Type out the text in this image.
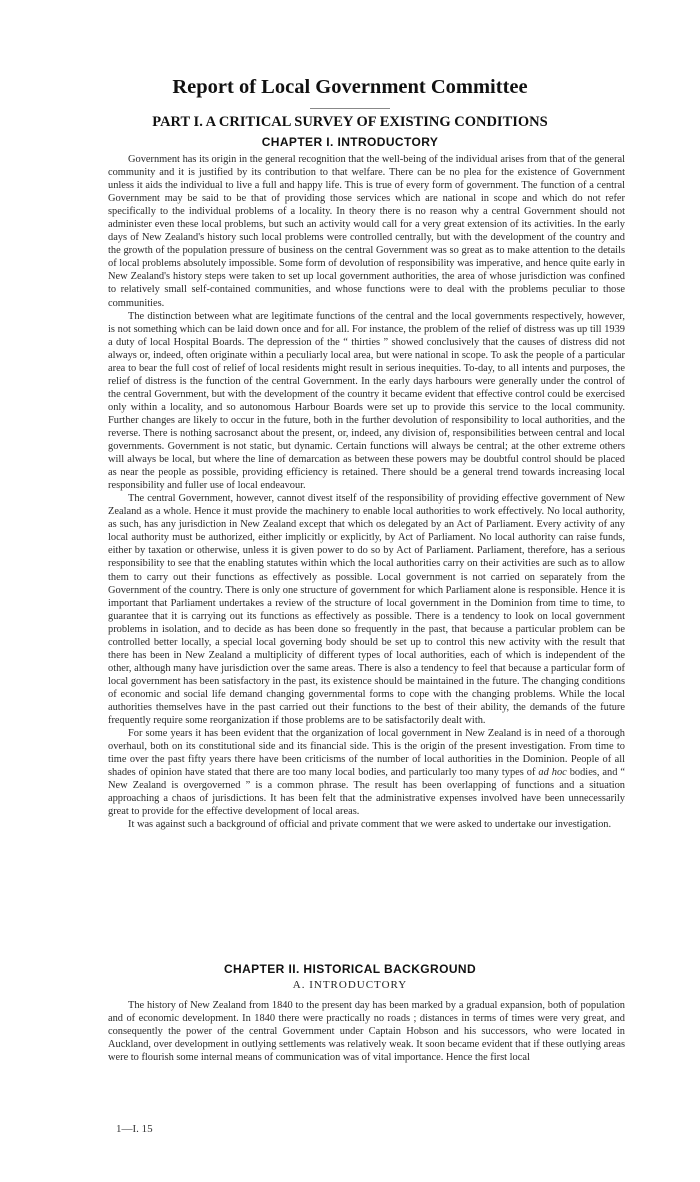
Report of Local Government Committee
PART I. A CRITICAL SURVEY OF EXISTING CONDITIONS
CHAPTER I. INTRODUCTORY

Government has its origin in the general recognition that the well-being of the individual arises from that of the general community and it is justified by its contribution to that welfare. There can be no plea for the existence of Government unless it aids the individual to live a full and happy life. This is true of every form of government. The function of a central Government may be said to be that of providing those services which are national in scope and which do not refer specifically to the individual problems of a locality. In theory there is no reason why a central Government should not administer even these local problems, but such an activity would call for a very great extension of its activities. In the early days of New Zealand's history such local problems were controlled centrally, but with the development of the country and the growth of the population pressure of business on the central Government was so great as to make attention to the details of local problems absolutely impossible. Some form of devolution of responsibility was imperative, and hence quite early in New Zealand's history steps were taken to set up local government authorities, the area of whose jurisdiction was confined to relatively small self-contained communities, and whose functions were to deal with the problems peculiar to those communities.

The distinction between what are legitimate functions of the central and the local governments respectively, however, is not something which can be laid down once and for all. For instance, the problem of the relief of distress was up till 1939 a duty of local Hospital Boards. The depression of the “ thirties ” showed conclusively that the causes of distress did not always or, indeed, often originate within a peculiarly local area, but were national in scope. To ask the people of a particular area to bear the full cost of relief of local residents might result in serious inequities. To-day, to all intents and purposes, the relief of distress is the function of the central Government. In the early days harbours were generally under the control of the central Government, but with the development of the country it became evident that effective control could be exercised only within a locality, and so autonomous Harbour Boards were set up to provide this service to the local community. Further changes are likely to occur in the future, both in the further devolution of responsibility to local authorities, and the reverse. There is nothing sacrosanct about the present, or, indeed, any division of, responsibilities between central and local governments. Government is not static, but dynamic. Certain functions will always be central; at the other extreme others will always be local, but where the line of demarcation as between these powers may be doubtful control should be placed as near the people as possible, providing efficiency is retained. There should be a general trend towards increasing local responsibility and fuller use of local endeavour.

The central Government, however, cannot divest itself of the responsibility of providing effective government of New Zealand as a whole. Hence it must provide the machinery to enable local authorities to work effectively. No local authority, as such, has any jurisdiction in New Zealand except that which os delegated by an Act of Parliament. Every activity of any local authority must be authorized, either implicitly or explicitly, by Act of Parliament. No local authority can raise funds, either by taxation or otherwise, unless it is given power to do so by Act of Parliament. Parliament, therefore, has a serious responsibility to see that the enabling statutes within which the local authorities carry on their activities are such as to allow them to carry out their functions as effectively as possible. Local government is not carried on separately from the Government of the country. There is only one structure of government for which Parliament alone is responsible. Hence it is important that Parliament undertakes a review of the structure of local government in the Dominion from time to time, to guarantee that it is carrying out its functions as effectively as possible. There is a tendency to look on local government problems in isolation, and to decide as has been done so frequently in the past, that because a particular problem can be controlled better locally, a special local governing body should be set up to control this new activity with the result that there has been in New Zealand a multiplicity of different types of local authorities, each of which is independent of the other, although many have jurisdiction over the same areas. There is also a tendency to feel that because a particular form of local government has been satisfactory in the past, its existence should be maintained in the future. The changing conditions of economic and social life demand changing governmental forms to cope with the changing problems. While the local authorities themselves have in the past carried out their functions to the best of their ability, the demands of the future frequently require some reorganization if those problems are to be satisfactorily dealt with.

For some years it has been evident that the organization of local government in New Zealand is in need of a thorough overhaul, both on its constitutional side and its financial side. This is the origin of the present investigation. From time to time over the past fifty years there have been criticisms of the number of local authorities in the Dominion. People of all shades of opinion have stated that there are too many local bodies, and particularly too many types of ad hoc bodies, and “ New Zealand is overgoverned ” is a common phrase. The result has been overlapping of functions and a situation approaching a chaos of jurisdictions. It has been felt that the administrative expenses involved have been unnecessarily great to provide for the effective development of local areas.

It was against such a background of official and private comment that we were asked to undertake our investigation.

CHAPTER II. HISTORICAL BACKGROUND
A. INTRODUCTORY

The history of New Zealand from 1840 to the present day has been marked by a gradual expansion, both of population and of economic development. In 1840 there were practically no roads ; distances in terms of times were very great, and consequently the power of the central Government under Captain Hobson and his successors, who were located in Auckland, over development in outlying settlements was relatively weak. It soon became evident that if these outlying areas were to flourish some internal means of communication was of vital importance. Hence the first local

1—I. 15
